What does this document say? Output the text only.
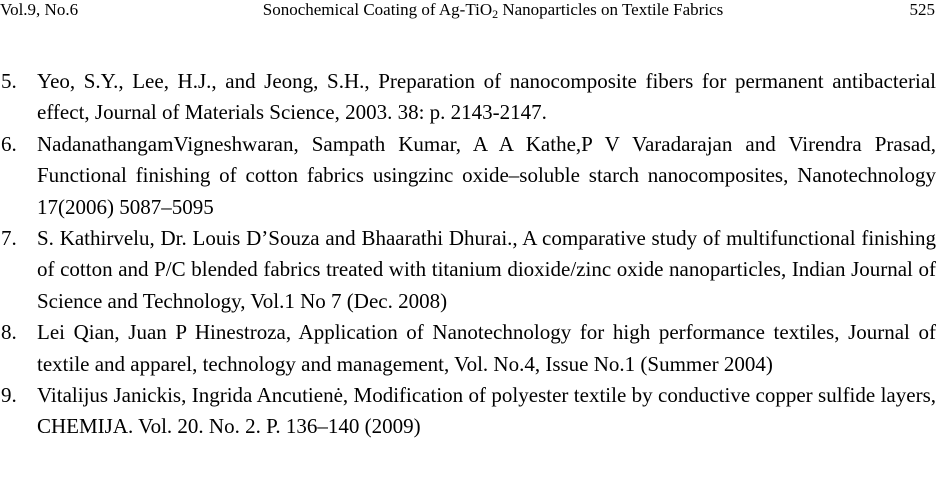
Vol.9, No.6	Sonochemical Coating of Ag-TiO$_2$ Nanoparticles on Textile Fabrics	525
5. Yeo, S.Y., Lee, H.J., and Jeong, S.H., Preparation of nanocomposite fibers for permanent antibacterial effect, Journal of Materials Science, 2003. 38: p. 2143-2147.
6. NadanathangamVigneshwaran, Sampath Kumar, A A Kathe,P V Varadarajan and Virendra Prasad, Functional finishing of cotton fabrics usingzinc oxide–soluble starch nanocomposites, Nanotechnology 17(2006) 5087–5095
7. S. Kathirvelu, Dr. Louis D’Souza and Bhaarathi Dhurai., A comparative study of multifunctional finishing of cotton and P/C blended fabrics treated with titanium dioxide/zinc oxide nanoparticles, Indian Journal of Science and Technology, Vol.1 No 7 (Dec. 2008)
8. Lei Qian, Juan P Hinestroza, Application of Nanotechnology for high performance textiles, Journal of textile and apparel, technology and management, Vol. No.4, Issue No.1 (Summer 2004)
9. Vitalijus Janickis, Ingrida Ancutienė, Modification of polyester textile by conductive copper sulfide layers, CHEMIJA. Vol. 20. No. 2. P. 136–140 (2009)
